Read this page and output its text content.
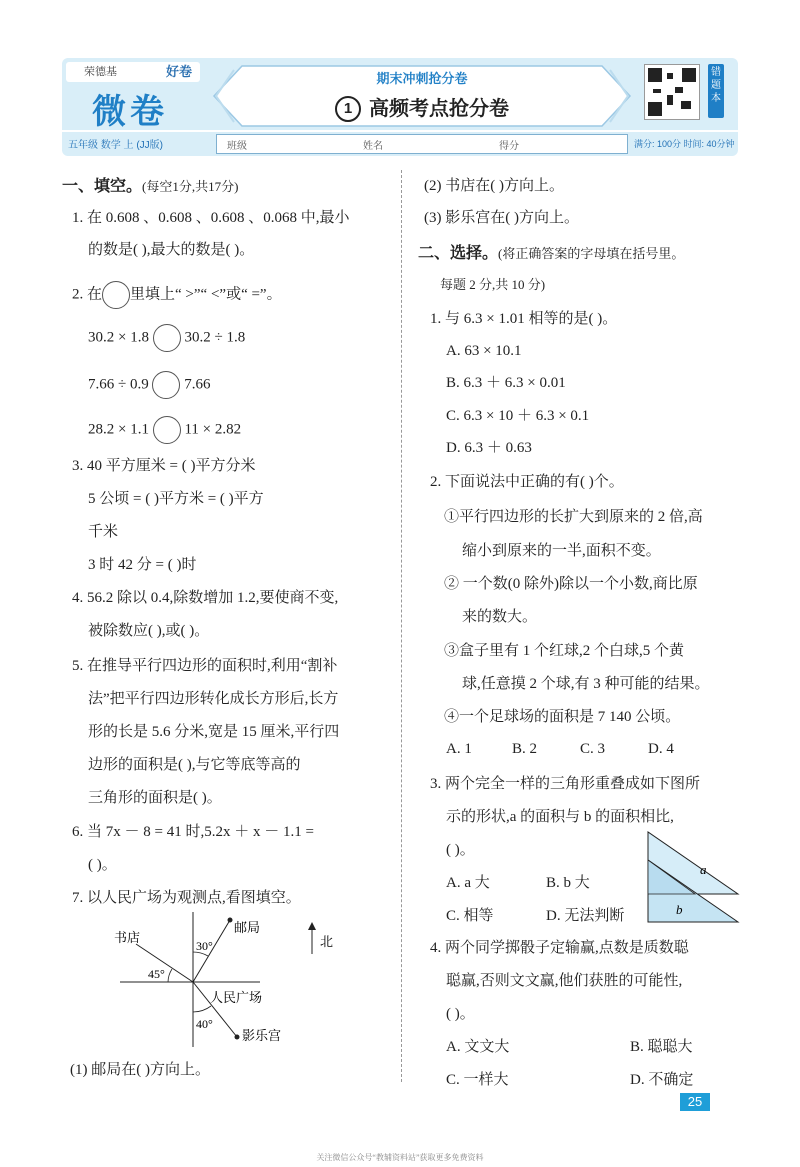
荣德基	好卷
微卷
期末冲刺抢分卷
1 高频考点抢分卷
错题本
五年级 数学 上 (JJ版)	班级	姓名	得分	满分: 100分 时间: 40分钟
一、填空。(每空1分,共17分)
1. 在 0.608 、0.608 、0.608 、0.068 中,最小
的数是( ),最大的数是( )。
2. 在 里填上“ >”“ <”或“ =”。
30.2 × 1.8 30.2 ÷ 1.8
7.66 ÷ 0.9 7.66
28.2 × 1.1 11 × 2.82
3. 40 平方厘米 = ( )平方分米
5 公顷 = ( )平方米 = ( )平方
千米
3 时 42 分 = ( )时
4. 56.2 除以 0.4,除数增加 1.2,要使商不变,
被除数应( ),或( )。
5. 在推导平行四边形的面积时,利用“割补
法”把平行四边形转化成长方形后,长方
形的长是 5.6 分米,宽是 15 厘米,平行四
边形的面积是( ),与它等底等高的
三角形的面积是( )。
6. 当 7x － 8 = 41 时,5.2x ＋ x － 1.1 =
( )。
7. 以人民广场为观测点,看图填空。
书店
邮局
人民广场
影乐宫
北
30°
45°
40°
(1) 邮局在( )方向上。
(2) 书店在( )方向上。
(3) 影乐宫在( )方向上。
二、选择。(将正确答案的字母填在括号里。
每题 2 分,共 10 分)
1. 与 6.3 × 1.01 相等的是( )。
A. 63 × 10.1
B. 6.3 ＋ 6.3 × 0.01
C. 6.3 × 10 ＋ 6.3 × 0.1
D. 6.3 ＋ 0.63
2. 下面说法中正确的有( )个。
①平行四边形的长扩大到原来的 2 倍,高
缩小到原来的一半,面积不变。
② 一个数(0 除外)除以一个小数,商比原
来的数大。
③盒子里有 1 个红球,2 个白球,5 个黄
球,任意摸 2 个球,有 3 种可能的结果。
④一个足球场的面积是 7 140 公顷。
A. 1	B. 2	C. 3	D. 4
3. 两个完全一样的三角形重叠成如下图所
示的形状,a 的面积与 b 的面积相比,
( )。
A. a 大	B. b 大
C. 相等	D. 无法判断
a
b
4. 两个同学掷骰子定输赢,点数是质数聪
聪赢,否则文文赢,他们获胜的可能性,
( )。
A. 文文大	B. 聪聪大
C. 一样大	D. 不确定
25
关注微信公众号“教辅资料站”获取更多免费资料
